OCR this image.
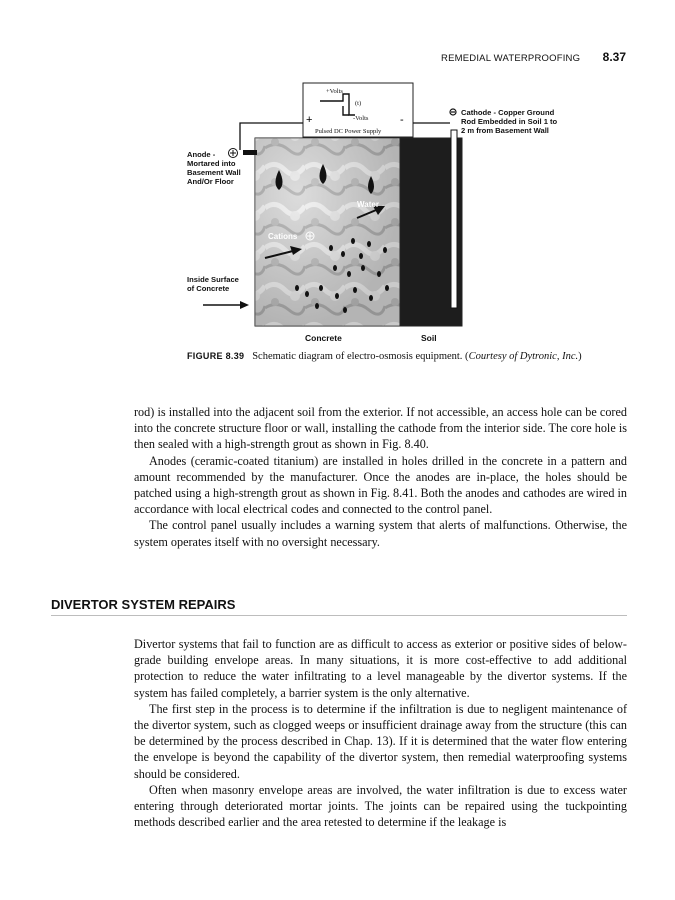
REMEDIAL WATERPROOFING 8.37
+Volts
(t)
-Volts
+	-
Pulsed DC Power Supply
Cathode - Copper Ground
Rod Embedded in Soil 1 to
2 m from Basement Wall
Anode -
Mortared into
Basement Wall
And/Or Floor
Water
Cations
Inside Surface
of Concrete
Concrete	Soil
FIGURE 8.39 Schematic diagram of electro-osmosis equipment. (Courtesy of Dytronic, Inc.)

rod) is installed into the adjacent soil from the exterior. If not accessible, an access hole can be cored into the concrete structure floor or wall, installing the cathode from the interior side. The core hole is then sealed with a high-strength grout as shown in Fig. 8.40.

Anodes (ceramic-coated titanium) are installed in holes drilled in the concrete in a pattern and amount recommended by the manufacturer. Once the anodes are in-place, the holes should be patched using a high-strength grout as shown in Fig. 8.41. Both the anodes and cathodes are wired in accordance with local electrical codes and connected to the control panel.

The control panel usually includes a warning system that alerts of malfunctions. Otherwise, the system operates itself with no oversight necessary.

DIVERTOR SYSTEM REPAIRS

Divertor systems that fail to function are as difficult to access as exterior or positive sides of below-grade building envelope areas. In many situations, it is more cost-effective to add additional protection to reduce the water infiltrating to a level manageable by the divertor systems. If the system has failed completely, a barrier system is the only alternative.

The first step in the process is to determine if the infiltration is due to negligent maintenance of the divertor system, such as clogged weeps or insufficient drainage away from the structure (this can be determined by the process described in Chap. 13). If it is determined that the water flow entering the envelope is beyond the capability of the divertor system, then remedial waterproofing systems should be considered.

Often when masonry envelope areas are involved, the water infiltration is due to excess water entering through deteriorated mortar joints. The joints can be repaired using the tuckpointing methods described earlier and the area retested to determine if the leakage is
